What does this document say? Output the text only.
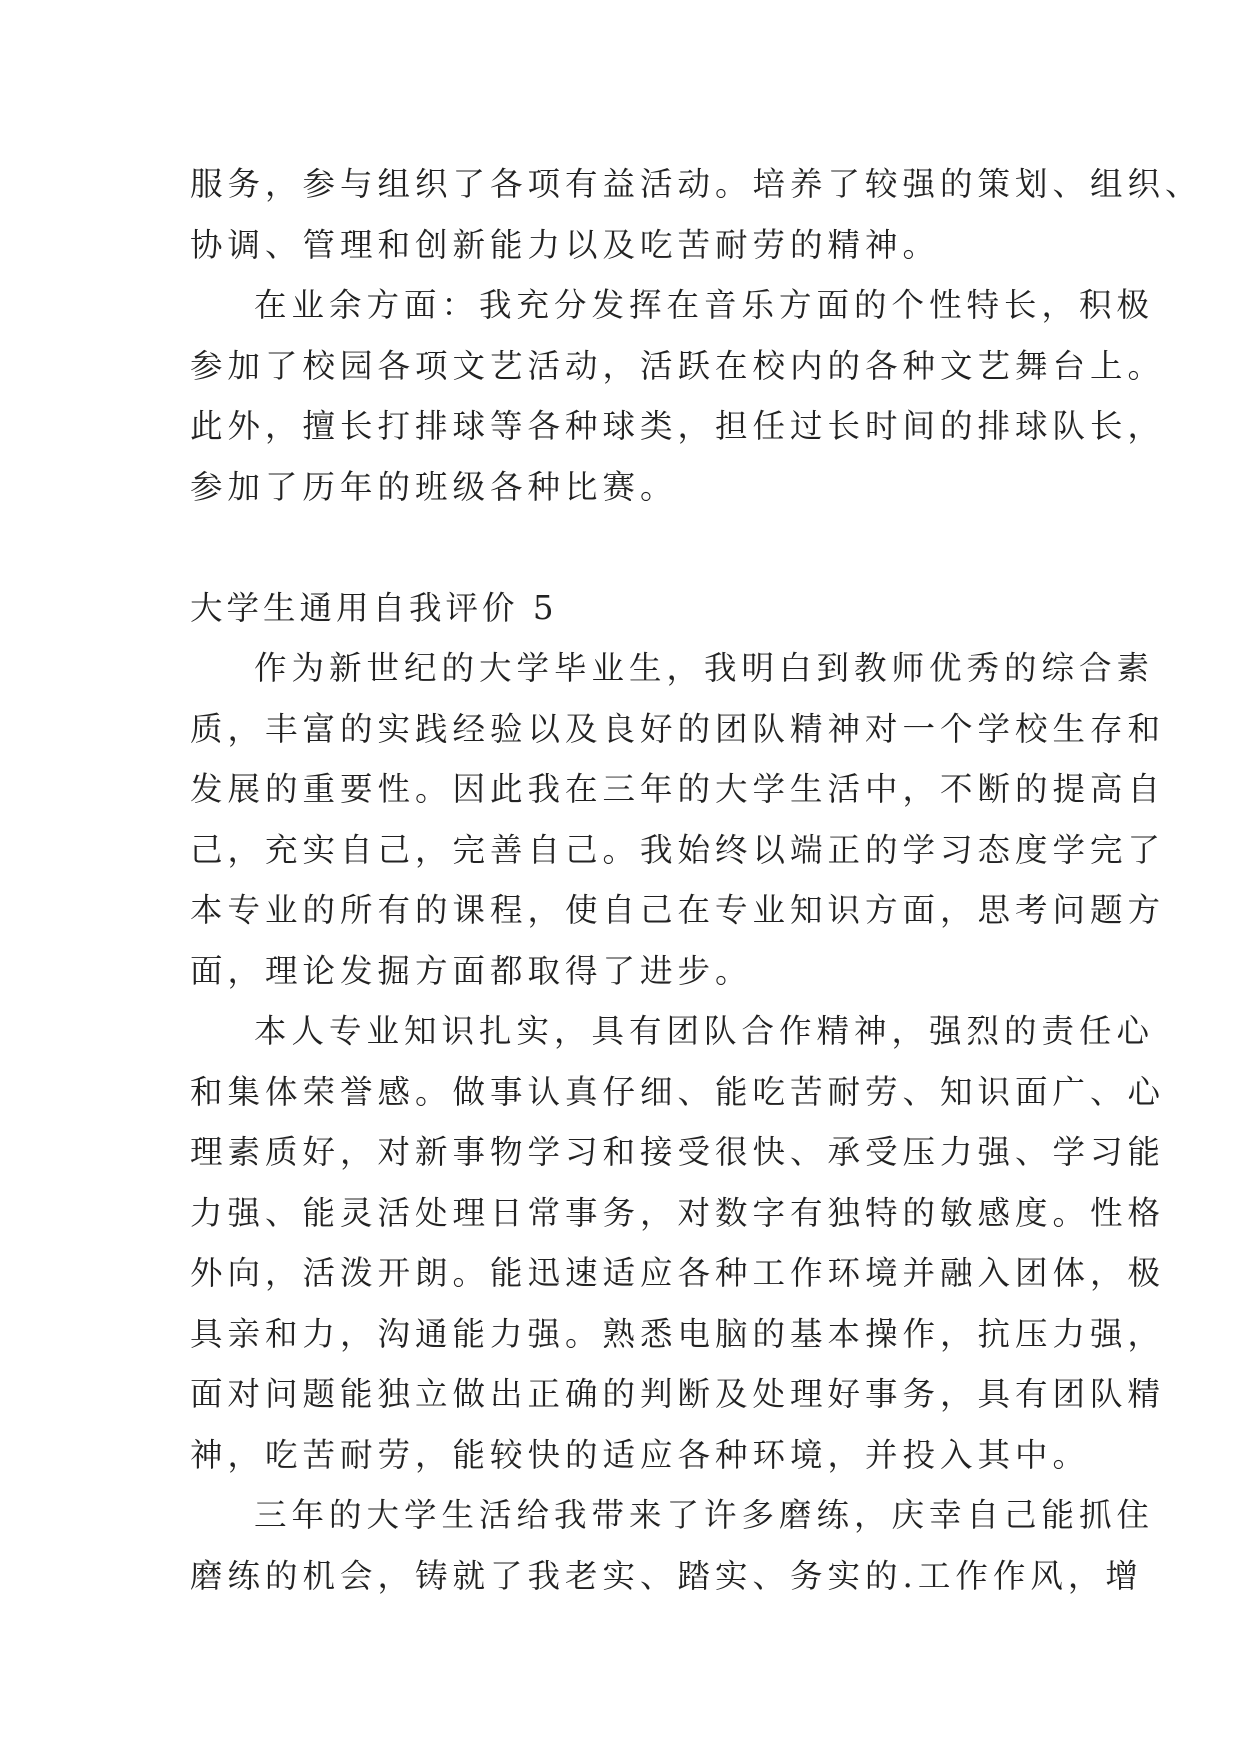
服务，参与组织了各项有益活动。培养了较强的策划、组织、
协调、管理和创新能力以及吃苦耐劳的精神。
在业余方面：我充分发挥在音乐方面的个性特长，积极
参加了校园各项文艺活动，活跃在校内的各种文艺舞台上。
此外，擅长打排球等各种球类，担任过长时间的排球队长，
参加了历年的班级各种比赛。
大学生通用自我评价 5
作为新世纪的大学毕业生，我明白到教师优秀的综合素
质，丰富的实践经验以及良好的团队精神对一个学校生存和
发展的重要性。因此我在三年的大学生活中，不断的提高自
己，充实自己，完善自己。我始终以端正的学习态度学完了
本专业的所有的课程，使自己在专业知识方面，思考问题方
面，理论发掘方面都取得了进步。
本人专业知识扎实，具有团队合作精神，强烈的责任心
和集体荣誉感。做事认真仔细、能吃苦耐劳、知识面广、心
理素质好，对新事物学习和接受很快、承受压力强、学习能
力强、能灵活处理日常事务，对数字有独特的敏感度。性格
外向，活泼开朗。能迅速适应各种工作环境并融入团体，极
具亲和力，沟通能力强。熟悉电脑的基本操作，抗压力强，
面对问题能独立做出正确的判断及处理好事务，具有团队精
神，吃苦耐劳，能较快的适应各种环境，并投入其中。
三年的大学生活给我带来了许多磨练，庆幸自己能抓住
磨练的机会，铸就了我老实、踏实、务实的.工作作风，增
